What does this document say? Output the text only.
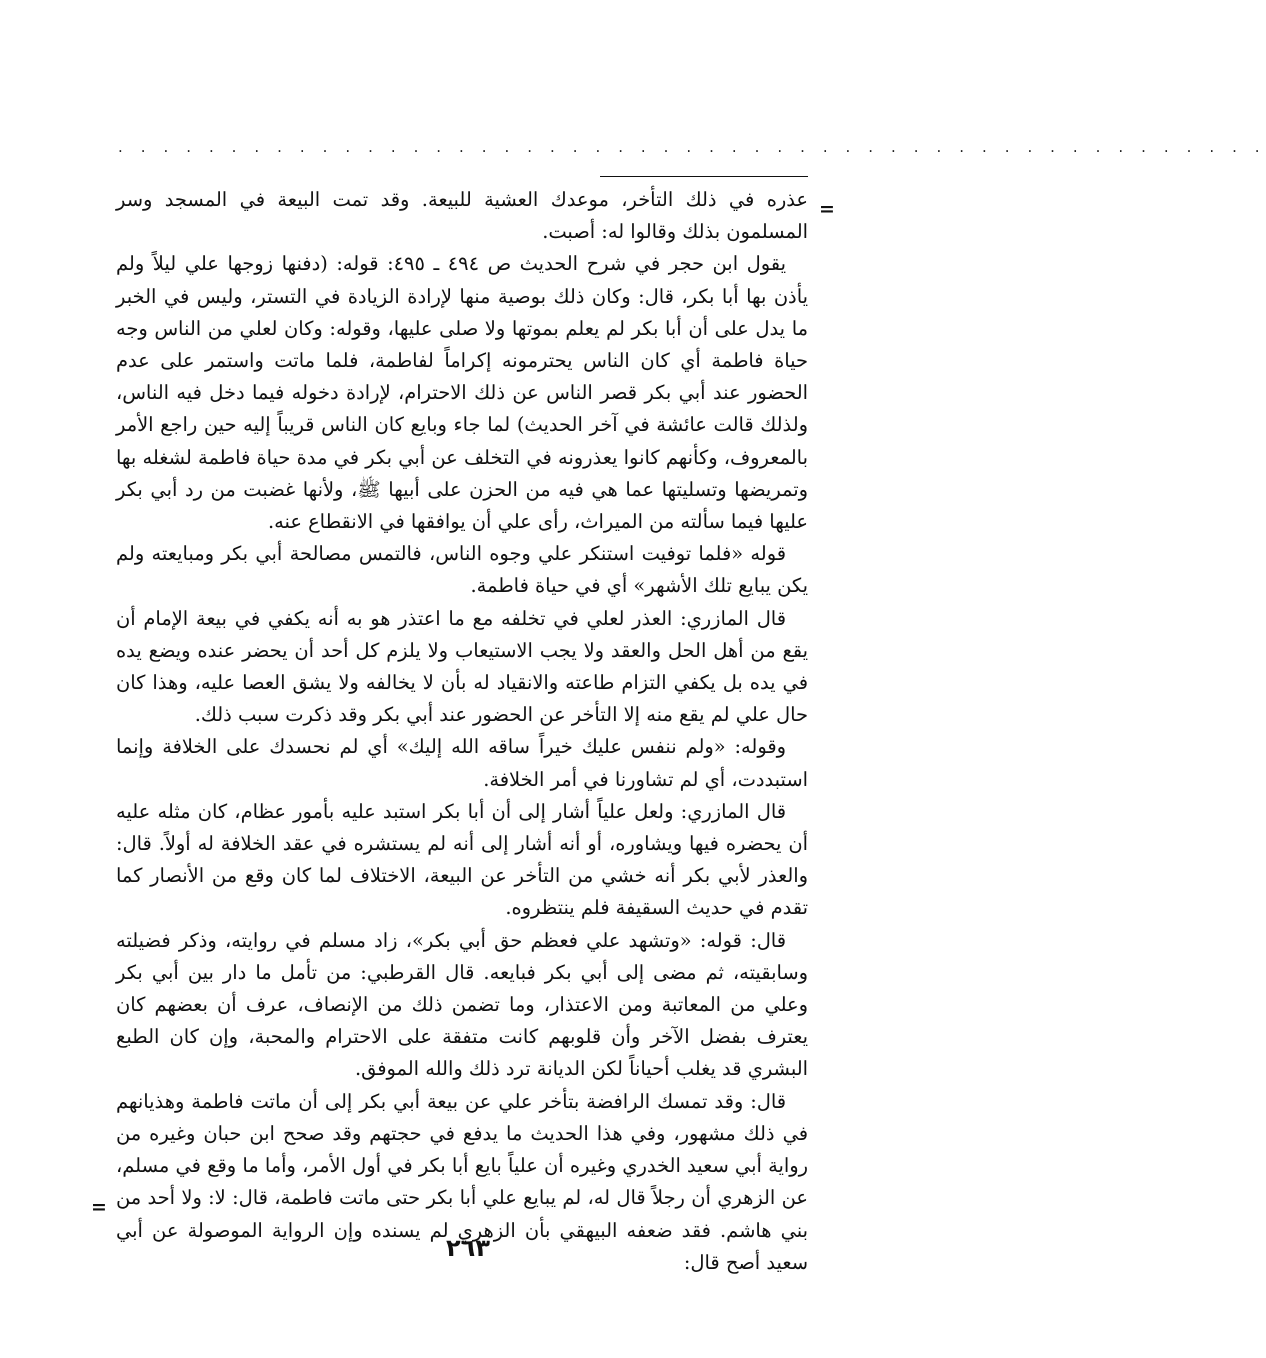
. . . . . . . . . . . . . . . . . . . . . . . . . . . . . . . . . . . . . . . . . . . . . . . . . . .
=

عذره في ذلك التأخر، موعدك العشية للبيعة. وقد تمت البيعة في المسجد وسر المسلمون بذلك وقالوا له: أصبت.

يقول ابن حجر في شرح الحديث ص ٤٩٤ ـ ٤٩٥: قوله: (دفنها زوجها علي ليلاً ولم يأذن بها أبا بكر، قال: وكان ذلك بوصية منها لإرادة الزيادة في التستر، وليس في الخبر ما يدل على أن أبا بكر لم يعلم بموتها ولا صلى عليها، وقوله: وكان لعلي من الناس وجه حياة فاطمة أي كان الناس يحترمونه إكراماً لفاطمة، فلما ماتت واستمر على عدم الحضور عند أبي بكر قصر الناس عن ذلك الاحترام، لإرادة دخوله فيما دخل فيه الناس، ولذلك قالت عائشة في آخر الحديث) لما جاء وبايع كان الناس قريباً إليه حين راجع الأمر بالمعروف، وكأنهم كانوا يعذرونه في التخلف عن أبي بكر في مدة حياة فاطمة لشغله بها وتمريضها وتسليتها عما هي فيه من الحزن على أبيها ﷺ، ولأنها غضبت من رد أبي بكر عليها فيما سألته من الميراث، رأى علي أن يوافقها في الانقطاع عنه.

قوله «فلما توفيت استنكر علي وجوه الناس، فالتمس مصالحة أبي بكر ومبايعته ولم يكن يبايع تلك الأشهر» أي في حياة فاطمة.

قال المازري: العذر لعلي في تخلفه مع ما اعتذر هو به أنه يكفي في بيعة الإمام أن يقع من أهل الحل والعقد ولا يجب الاستيعاب ولا يلزم كل أحد أن يحضر عنده ويضع يده في يده بل يكفي التزام طاعته والانقياد له بأن لا يخالفه ولا يشق العصا عليه، وهذا كان حال علي لم يقع منه إلا التأخر عن الحضور عند أبي بكر وقد ذكرت سبب ذلك.

وقوله: «ولم ننفس عليك خيراً ساقه الله إليك» أي لم نحسدك على الخلافة وإنما استبددت، أي لم تشاورنا في أمر الخلافة.

قال المازري: ولعل علياً أشار إلى أن أبا بكر استبد عليه بأمور عظام، كان مثله عليه أن يحضره فيها ويشاوره، أو أنه أشار إلى أنه لم يستشره في عقد الخلافة له أولاً. قال: والعذر لأبي بكر أنه خشي من التأخر عن البيعة، الاختلاف لما كان وقع من الأنصار كما تقدم في حديث السقيفة فلم ينتظروه.

قال: قوله: «وتشهد علي فعظم حق أبي بكر»، زاد مسلم في روايته، وذكر فضيلته وسابقيته، ثم مضى إلى أبي بكر فبايعه. قال القرطبي: من تأمل ما دار بين أبي بكر وعلي من المعاتبة ومن الاعتذار، وما تضمن ذلك من الإنصاف، عرف أن بعضهم كان يعترف بفضل الآخر وأن قلوبهم كانت متفقة على الاحترام والمحبة، وإن كان الطبع البشري قد يغلب أحياناً لكن الديانة ترد ذلك والله الموفق.

قال: وقد تمسك الرافضة بتأخر علي عن بيعة أبي بكر إلى أن ماتت فاطمة وهذيانهم في ذلك مشهور، وفي هذا الحديث ما يدفع في حجتهم وقد صحح ابن حبان وغيره من رواية أبي سعيد الخدري وغيره أن علياً بايع أبا بكر في أول الأمر، وأما ما وقع في مسلم، عن الزهري أن رجلاً قال له، لم يبايع علي أبا بكر حتى ماتت فاطمة، قال: لا: ولا أحد من بني هاشم. فقد ضعفه البيهقي بأن الزهري لم يسنده وإن الرواية الموصولة عن أبي سعيد أصح قال:

=
٢٦٣
